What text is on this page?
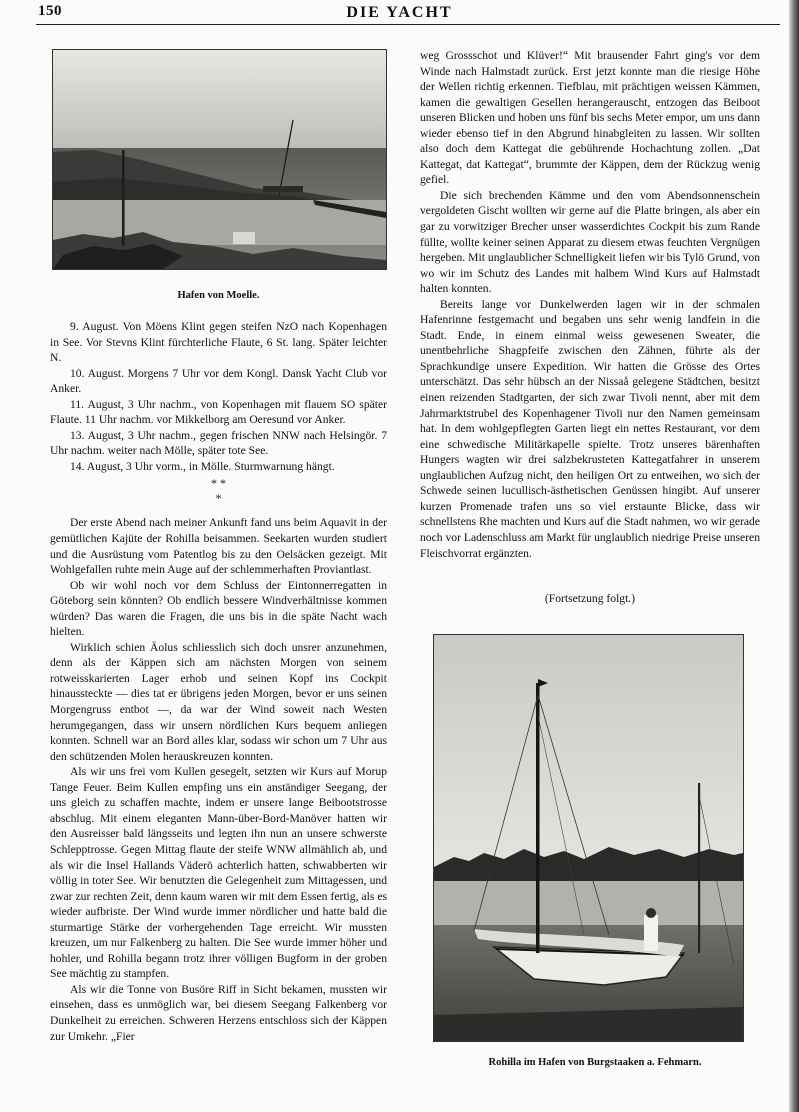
150	DIE YACHT
Hafen von Moelle.

9. August. Von Möens Klint gegen steifen NzO nach Kopenhagen in See. Vor Stevns Klint fürchterliche Flaute, 6 St. lang. Später leichter N.

10. August. Morgens 7 Uhr vor dem Kongl. Dansk Yacht Club vor Anker.

11. August, 3 Uhr nachm., von Kopenhagen mit flauem SO später Flaute. 11 Uhr nachm. vor Mikkelborg am Oeresund vor Anker.

13. August, 3 Uhr nachm., gegen frischen NNW nach Helsingör. 7 Uhr nachm. weiter nach Mölle, später tote See.

14. August, 3 Uhr vorm., in Mölle. Sturmwarnung hängt.

* *
*

Der erste Abend nach meiner Ankunft fand uns beim Aquavit in der gemütlichen Kajüte der Rohilla beisammen. Seekarten wurden studiert und die Ausrüstung vom Patentlog bis zu den Oelsäcken gezeigt. Mit Wohlgefallen ruhte mein Auge auf der schlemmerhaften Proviantlast.

Ob wir wohl noch vor dem Schluss der Eintonnerregatten in Göteborg sein könnten? Ob endlich bessere Windverhältnisse kommen würden? Das waren die Fragen, die uns bis in die späte Nacht wach hielten.

Wirklich schien Äolus schliesslich sich doch unsrer anzunehmen, denn als der Käppen sich am nächsten Morgen von seinem rotweisskarierten Lager erhob und seinen Kopf ins Cockpit hinaussteckte — dies tat er übrigens jeden Morgen, bevor er uns seinen Morgengruss entbot —, da war der Wind soweit nach Westen herumgegangen, dass wir unsern nördlichen Kurs bequem anliegen konnten. Schnell war an Bord alles klar, sodass wir schon um 7 Uhr aus den schützenden Molen herauskreuzen konnten.

Als wir uns frei vom Kullen gesegelt, setzten wir Kurs auf Morup Tange Feuer. Beim Kullen empfing uns ein anständiger Seegang, der uns gleich zu schaffen machte, indem er unsere lange Beibootstrosse abschlug. Mit einem eleganten Mann-über-Bord-Manöver hatten wir den Ausreisser bald längsseits und legten ihn nun an unsere schwerste Schlepptrosse. Gegen Mittag flaute der steife WNW allmählich ab, und als wir die Insel Hallands Väderö achterlich hatten, schwabberten wir völlig in toter See. Wir benutzten die Gelegenheit zum Mittagessen, und zwar zur rechten Zeit, denn kaum waren wir mit dem Essen fertig, als es wieder aufbriste. Der Wind wurde immer nördlicher und hatte bald die sturmartige Stärke der vorhergehenden Tage erreicht. Wir mussten kreuzen, um nur Falkenberg zu halten. Die See wurde immer höher und hohler, und Rohilla begann trotz ihrer völligen Bugform in der groben See mächtig zu stampfen.

Als wir die Tonne von Busöre Riff in Sicht bekamen, mussten wir einsehen, dass es unmöglich war, bei diesem Seegang Falkenberg vor Dunkelheit zu erreichen. Schweren Herzens entschloss sich der Käppen zur Umkehr. „Fier

weg Grossschot und Klüver!“ Mit brausender Fahrt ging's vor dem Winde nach Halmstadt zurück. Erst jetzt konnte man die riesige Höhe der Wellen richtig erkennen. Tiefblau, mit prächtigen weissen Kämmen, kamen die gewaltigen Gesellen herangerauscht, entzogen das Beiboot unseren Blicken und hoben uns fünf bis sechs Meter empor, um uns dann wieder ebenso tief in den Abgrund hinabgleiten zu lassen. Wir sollten also doch dem Kattegat die gebührende Hochachtung zollen. „Dat Kattegat, dat Kattegat“, brummte der Käppen, dem der Rückzug wenig gefiel.

Die sich brechenden Kämme und den vom Abendsonnenschein vergoldeten Gischt wollten wir gerne auf die Platte bringen, als aber ein gar zu vorwitziger Brecher unser wasserdichtes Cockpit bis zum Rande füllte, wollte keiner seinen Apparat zu diesem etwas feuchten Vergnügen hergeben. Mit unglaublicher Schnelligkeit liefen wir bis Tylö Grund, von wo wir im Schutz des Landes mit halbem Wind Kurs auf Halmstadt halten konnten.

Bereits lange vor Dunkelwerden lagen wir in der schmalen Hafenrinne festgemacht und begaben uns sehr wenig landfein in die Stadt. Ende, in einem einmal weiss gewesenen Sweater, die unentbehrliche Shagpfeife zwischen den Zähnen, führte als der Sprachkundige unsere Expedition. Wir hatten die Grösse des Ortes unterschätzt. Das sehr hübsch an der Nissaå gelegene Städtchen, besitzt einen reizenden Stadtgarten, der sich zwar Tivoli nennt, aber mit dem Jahrmarktstrubel des Kopenhagener Tivoli nur den Namen gemeinsam hat. In dem wohlgepflegten Garten liegt ein nettes Restaurant, vor dem eine schwedische Militärkapelle spielte. Trotz unseres bärenhaften Hungers wagten wir drei salzbekrusteten Kattegatfahrer in unserem unglaublichen Aufzug nicht, den heiligen Ort zu entweihen, wo sich der Schwede seinen lucullisch-ästhetischen Genüssen hingibt. Auf unserer kurzen Promenade trafen uns so viel erstaunte Blicke, dass wir schnellstens Rhe machten und Kurs auf die Stadt nahmen, wo wir gerade noch vor Ladenschluss am Markt für unglaublich niedrige Preise unseren Fleischvorrat ergänzten.

(Fortsetzung folgt.)
Rohilla im Hafen von Burgstaaken a. Fehmarn.
